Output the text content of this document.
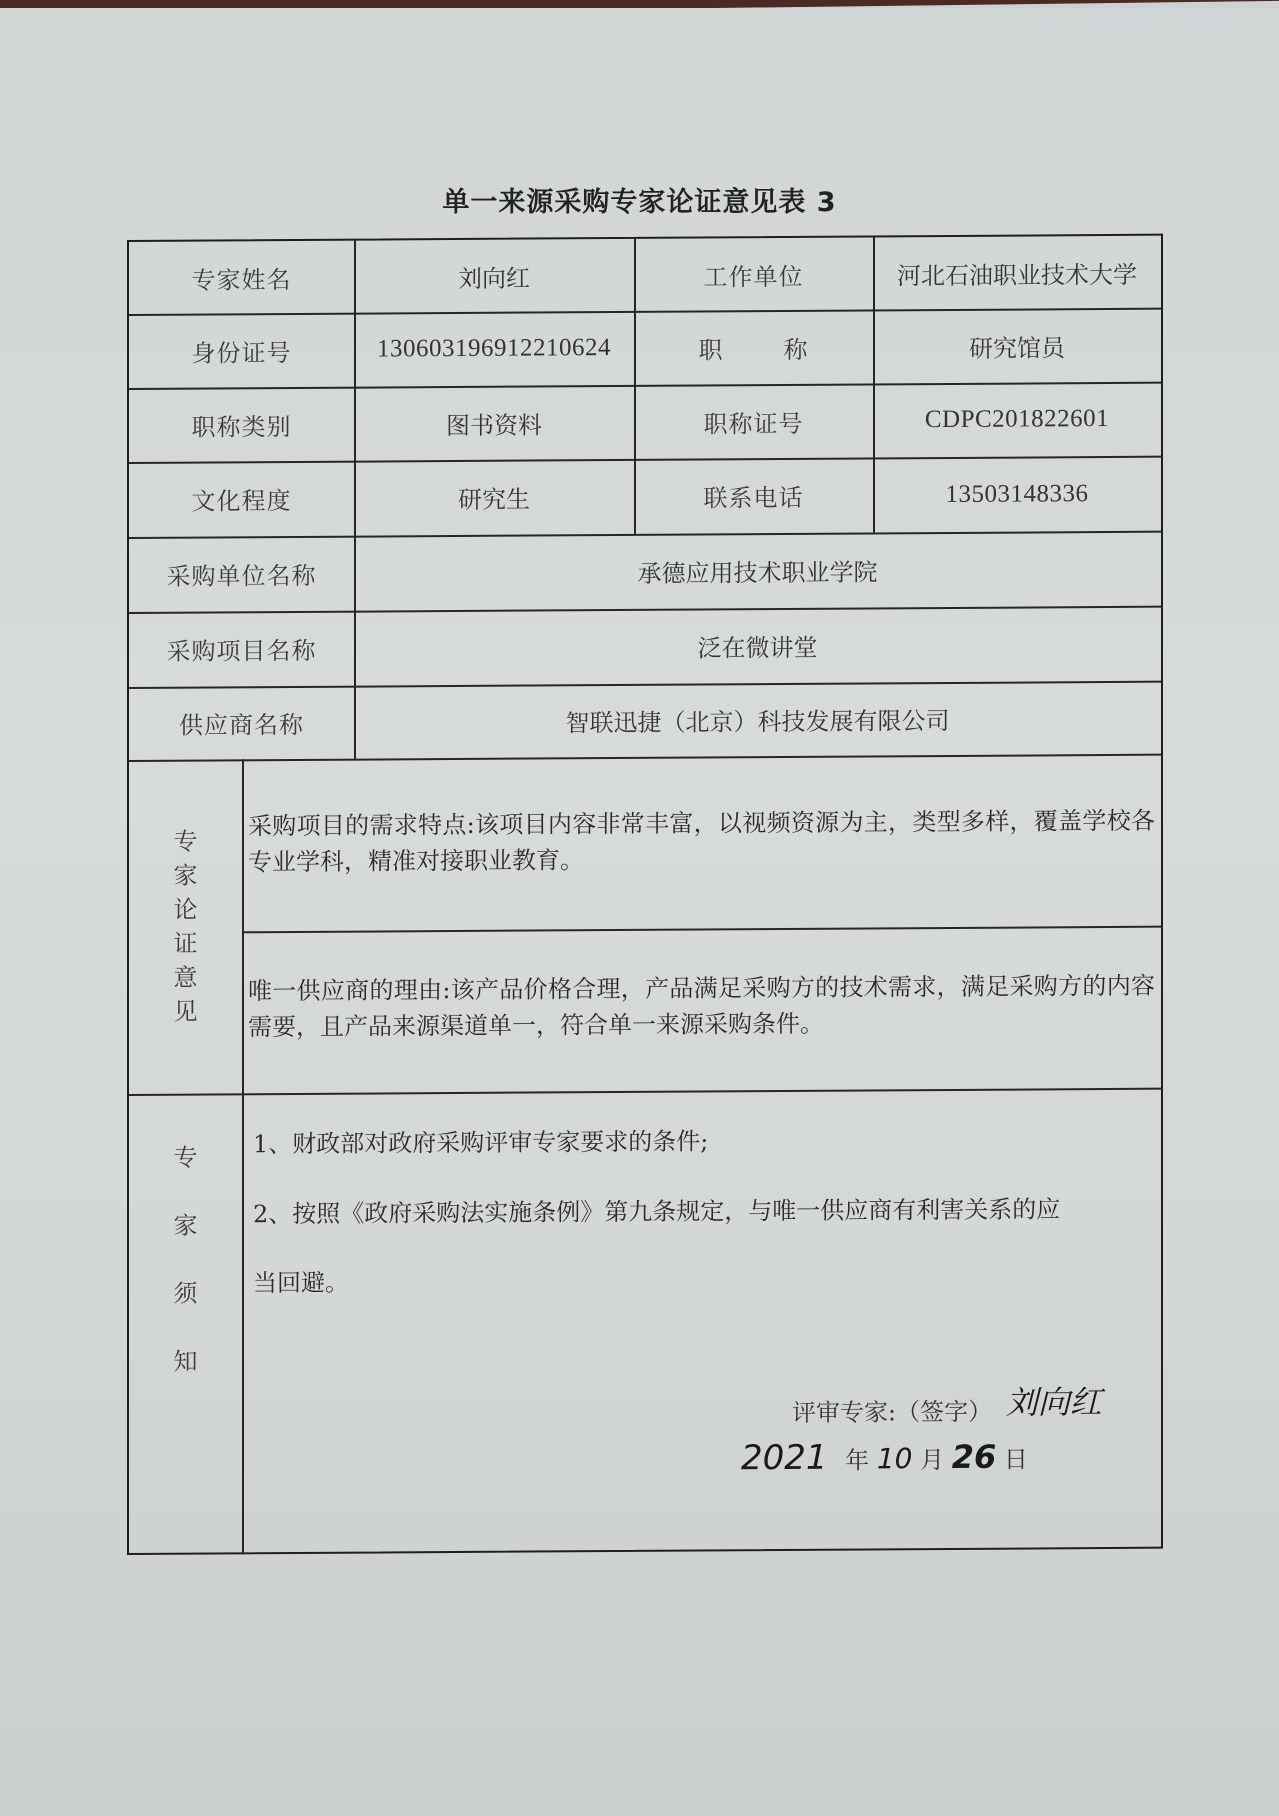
单一来源采购专家论证意见表 3
专家姓名	刘向红	工作单位	河北石油职业技术大学
身份证号	130603196912210624	职	称	研究馆员
职称类别	图书资料	职称证号	CDPC201822601
文化程度	研究生	联系电话	13503148336
采购单位名称	承德应用技术职业学院
采购项目名称	泛在微讲堂
供应商名称	智联迅捷（北京）科技发展有限公司
专
家
论
证
意
见
采购项目的需求特点:该项目内容非常丰富，以视频资源为主，类型多样，覆盖学校各专业学科，精准对接职业教育。
唯一供应商的理由:该产品价格合理，产品满足采购方的技术需求，满足采购方的内容需要，且产品来源渠道单一，符合单一来源采购条件。
专
家
须
知
1、财政部对政府采购评审专家要求的条件;
2、按照《政府采购法实施条例》第九条规定，与唯一供应商有利害关系的应
当回避。
评审专家:（签字） 刘向红
2021 年 10 月 26 日
